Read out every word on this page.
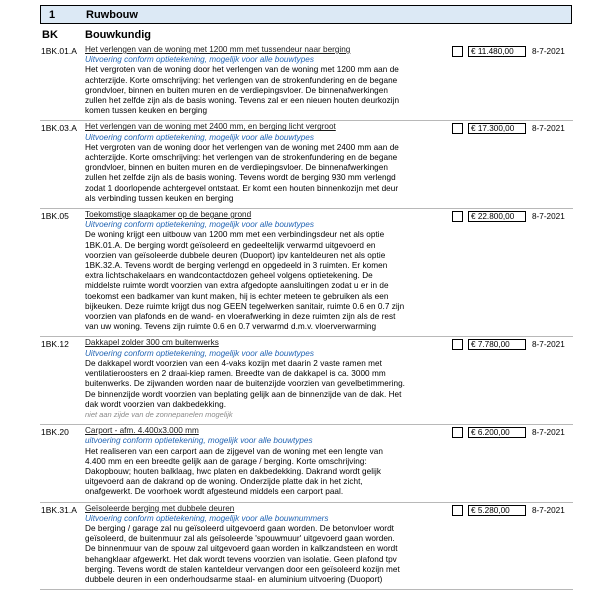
1	Ruwbouw
BK	Bouwkundig
1BK.01.A Het verlengen van de woning met 1200 mm met tussendeur naar berging
Uitvoering conform optietekening, mogelijk voor alle bouwtypes
Het vergroten van de woning door het verlengen van de woning met 1200 mm aan de achterzijde. Korte omschrijving: het verlengen van de strokenfundering en de begane grondvloer, binnen en buiten muren en de verdiepingsvloer. De binnenafwerkingen zullen het zelfde zijn als de basis woning. Tevens zal er een nieuen houten deurkozijn komen tussen keuken en berging
€ 11.480,00	8-7-2021
1BK.03.A Het verlengen van de woning met 2400 mm, en berging licht vergroot
Uitvoering conform optietekening, mogelijk voor alle bouwtypes
Het vergroten van de woning door het verlengen van de woning met 2400 mm aan de achterzijde. Korte omschrijving: het verlengen van de strokenfundering en de begane grondvloer, binnen en buiten muren en de verdiepingsvloer. De binnenafwerkingen zullen het zelfde zijn als de basis woning. Tevens wordt de berging 930 mm verlengd zodat 1 doorlopende achtergevel ontstaat. Er komt een houten binnenkozijn met deur als verbinding tussen keuken en berging
€ 17.300,00	8-7-2021
1BK.05	Toekomstige slaapkamer op de begane grond
Uitvoering conform optietekening, mogelijk voor alle bouwtypes
De woning krijgt een uitbouw van 1200 mm met een verbindingsdeur net als optie 1BK.01.A. De berging wordt geïsoleerd en gedeeltelijk verwarmd uitgevoerd en voorzien van geïsoleerde dubbele deuren (Duoport) ipv kanteldeuren net als optie 1BK.32.A. Tevens wordt de berging verlengd en opgedeeld in 3 ruimten. Er komen extra lichtschakelaars en wandcontactdozen geheel volgens optietekening. De middelste ruimte wordt voorzien van extra afgedopte aansluitingen zodat u er in de toekomst een badkamer van kunt maken, hij is echter meteen te gebruiken als een bijkeuken. Deze ruimte krijgt dus nog GEEN tegelwerken sanitair, ruimte 0.6 en 0.7 zijn voorzien van plafonds en de wand- en vloerafwerking in deze ruimten zijn als de rest van uw woning. Tevens zijn ruimte 0.6 en 0.7 verwarmd d.m.v. vloerverwarming
€ 22.800,00	8-7-2021
1BK.12	Dakkapel zolder 300 cm buitenwerks
Uitvoering conform optietekening, mogelijk voor alle bouwtypes
De dakkapel wordt voorzien van een 4-vaks kozijn met daarin 2 vaste ramen met ventilatieroosters en 2 draai-kiep ramen. Breedte van de dakkapel is ca. 3000 mm buitenwerks. De zijwanden worden naar de buitenzijde voorzien van gevelbetimmering. De binnenzijde wordt voorzien van beplating gelijk aan de binnenzijde van de dak. Het dak wordt voorzien van dakbedekking.
niet aan zijde van de zonnepanelen mogelijk
€ 7.780,00	8-7-2021
1BK.20	Carport - afm. 4.400x3.000 mm
uitvoering conform optietekening, mogelijk voor alle bouwtypes
Het realiseren van een carport aan de zijgevel van de woning met een lengte van 4.400 mm en een breedte gelijk aan de garage / berging. Korte omschrijving: Dakopbouw; houten balklaag, hwc platen en dakbedekking. Dakrand wordt gelijk uitgevoerd aan de dakrand op de woning. Onderzijde platte dak in het zicht, onafgewerkt. De voorhoek wordt afgesteund middels een carport paal.
€ 6.200,00	8-7-2021
1BK.31.A Geïsoleerde berging met dubbele deuren
Uitvoering conform optietekening, mogelijk voor alle bouwnummers
De berging / garage zal nu geïsoleerd uitgevoerd gaan worden. De betonvloer wordt geïsoleerd, de buitenmuur zal als geïsoleerde 'spouwmuur' uitgevoerd gaan worden. De binnenmuur van de spouw zal uitgevoerd gaan worden in kalkzandsteen en wordt behangklaar afgewerkt. Het dak wordt tevens voorzien van isolatie. Geen plafond tpv berging. Tevens wordt de stalen kanteldeur vervangen door een geïsoleerd kozijn met dubbele deuren in een onderhoudsarme staal- en aluminium uitvoering (Duoport)
€ 5.280,00	8-7-2021
